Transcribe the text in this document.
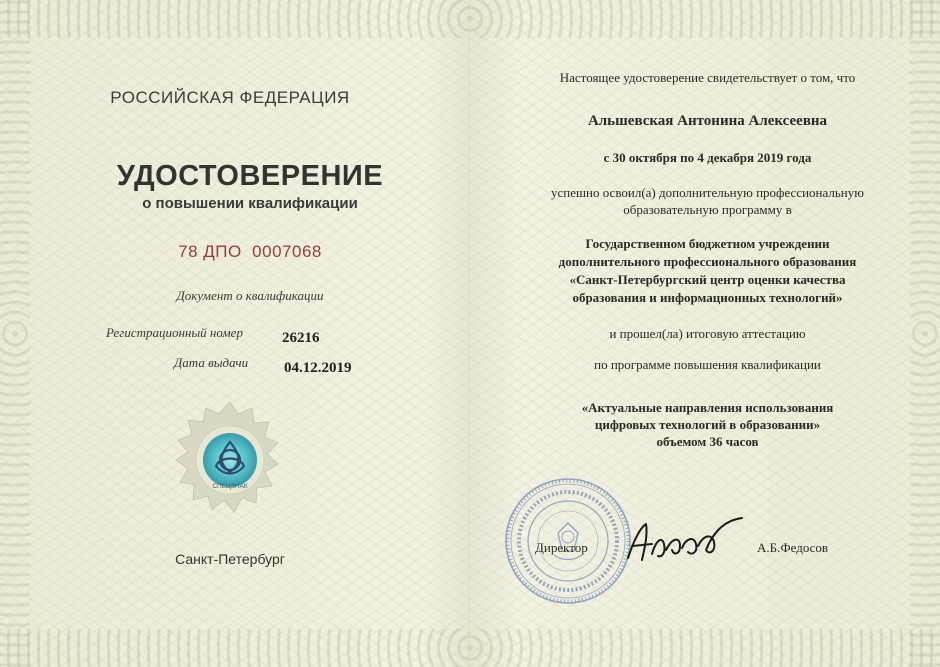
РОССИЙСКАЯ ФЕДЕРАЦИЯ
УДОСТОВЕРЕНИЕ
о повышении квалификации
78 ДПО  0007068
Документ о квалификации
Регистрационный номер	26216
Дата выдачи 04.12.2019
СПЕЦЗНАК
Санкт-Петербург
Настоящее удостоверение свидетельствует о том, что
Альшевская Антонина Алексеевна
с 30 октября по 4 декабря 2019 года
успешно освоил(а) дополнительную профессиональную
образовательную программу в
Государственном бюджетном учреждении
дополнительного профессионального образования
«Санкт-Петербургский центр оценки качества
образования и информационных технологий»
и прошел(ла) итоговую аттестацию
по программе повышения квалификации
«Актуальные направления использования
цифровых технологий в образовании»
объемом 36 часов
Директор	А.Б.Федосов
